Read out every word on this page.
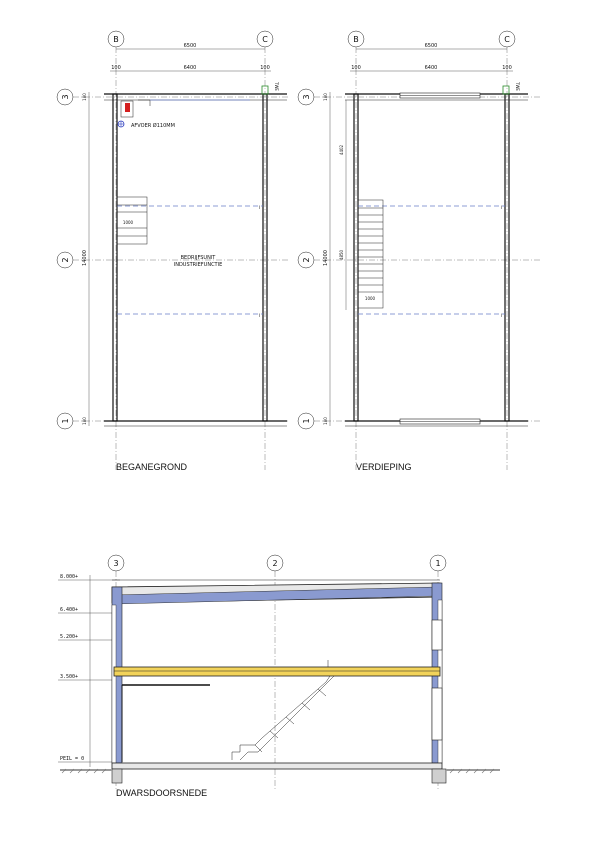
B	C
6500
100	6400	100
3
2
1
100
14000
100
TWE
AFVOER Ø110MM
I
I
1000
BEDRIJFSUNIT
INDUSTRIEFUNCTIE
BEGANEGROND
B	C
6500
100	6400	100
3
2
1
100
14000
100
4402
4850
TWE
I
I
1000
VERDIEPING
3	2	1
8.000+
6.400+
5.200+
3.500+
PEIL = 0
DWARSDOORSNEDE
